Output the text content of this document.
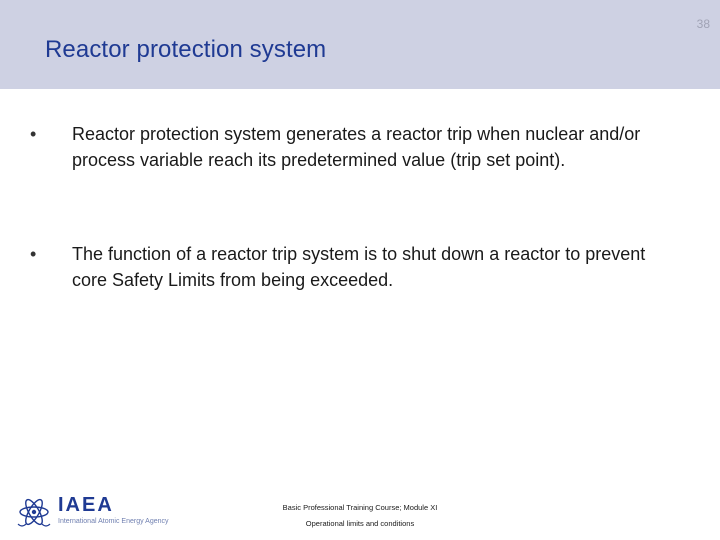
38
Reactor protection system
• Reactor protection system generates a reactor trip when nuclear and/or process variable reach its predetermined value (trip set point).
• The function of a reactor trip system is to shut down a reactor to prevent core Safety Limits from being exceeded.
IAEA
International Atomic Energy Agency
Basic Professional Training Course; Module XI
Operational limits and conditions
